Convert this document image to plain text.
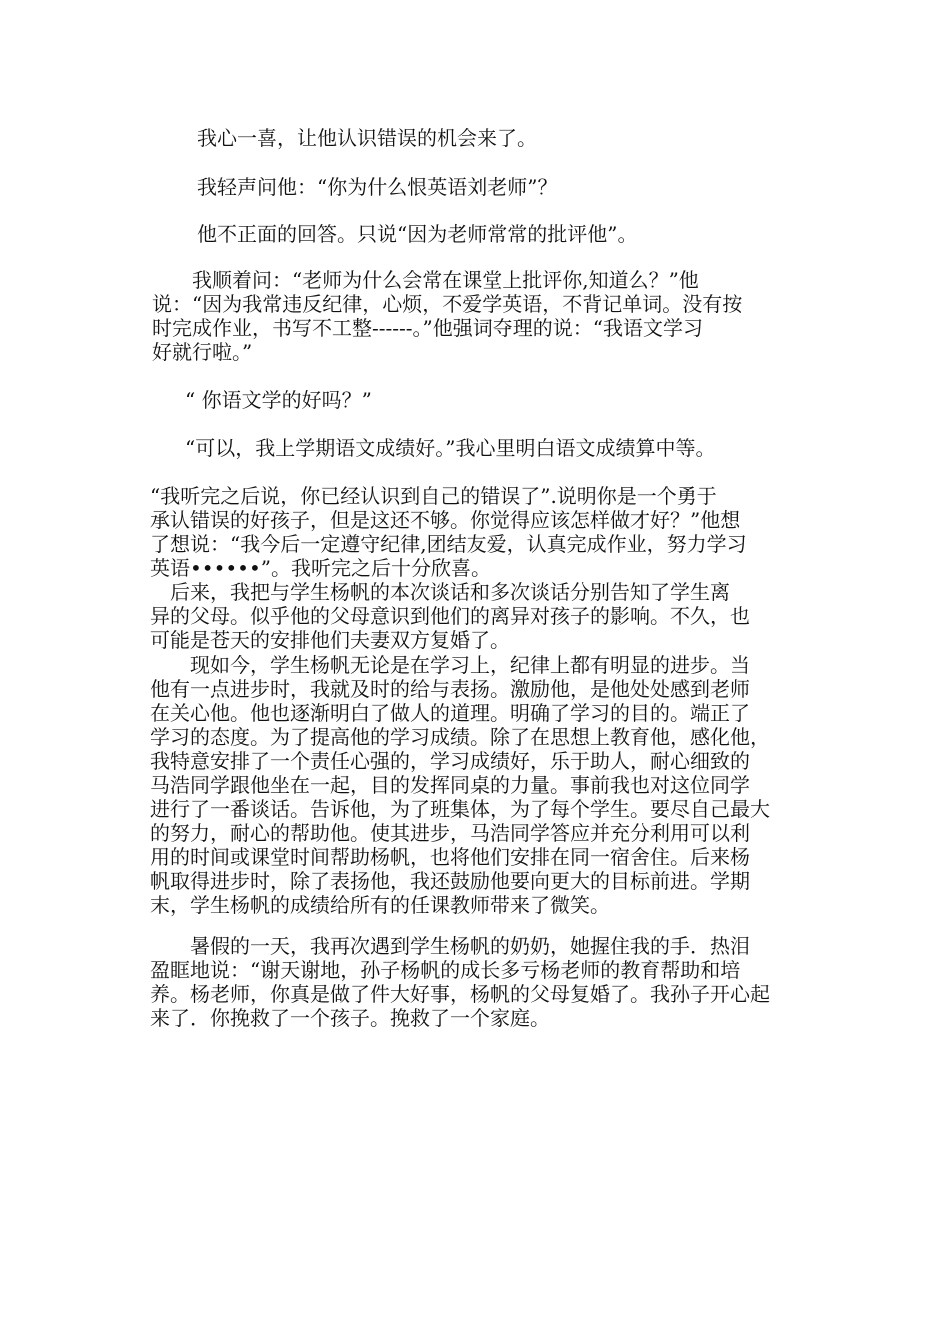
我心一喜，让他认识错误的机会来了。

我轻声问他：“你为什么恨英语刘老师”？

他不正面的回答。只说“因为老师常常的批评他”。

　　我顺着问：“老师为什么会常在课堂上批评你,知道么？”他
说：“因为我常违反纪律，心烦，不爱学英语，不背记单词。没有按
时完成作业，书写不工整------。”他强词夺理的说：“我语文学习
好就行啦。”

“ 你语文学的好吗？”

“可以，我上学期语文成绩好。”我心里明白语文成绩算中等。

“我听完之后说，你已经认识到自己的错误了”.说明你是一个勇于
承认错误的好孩子，但是这还不够。你觉得应该怎样做才好？”他想
了想说：“我今后一定遵守纪律,团结友爱，认真完成作业，努力学习
英语••••••”。我听完之后十分欣喜。

　后来，我把与学生杨帆的本次谈话和多次谈话分别告知了学生离
异的父母。似乎他的父母意识到他们的离异对孩子的影响。不久，也
可能是苍天的安排他们夫妻双方复婚了。

　　现如今，学生杨帆无论是在学习上，纪律上都有明显的进步。当
他有一点进步时，我就及时的给与表扬。激励他，是他处处感到老师
在关心他。他也逐渐明白了做人的道理。明确了学习的目的。端正了
学习的态度。为了提高他的学习成绩。除了在思想上教育他，感化他，
我特意安排了一个责任心强的，学习成绩好，乐于助人，耐心细致的
马浩同学跟他坐在一起，目的发挥同桌的力量。事前我也对这位同学
进行了一番谈话。告诉他，为了班集体，为了每个学生。要尽自己最大
的努力，耐心的帮助他。使其进步，马浩同学答应并充分利用可以利
用的时间或课堂时间帮助杨帆，也将他们安排在同一宿舍住。后来杨
帆取得进步时，除了表扬他，我还鼓励他要向更大的目标前进。学期
末，学生杨帆的成绩给所有的任课教师带来了微笑。

　　暑假的一天，我再次遇到学生杨帆的奶奶，她握住我的手．热泪
盈眶地说：“谢天谢地，孙子杨帆的成长多亏杨老师的教育帮助和培
养。杨老师，你真是做了件大好事，杨帆的父母复婚了。我孙子开心起
来了．你挽救了一个孩子。挽救了一个家庭。
